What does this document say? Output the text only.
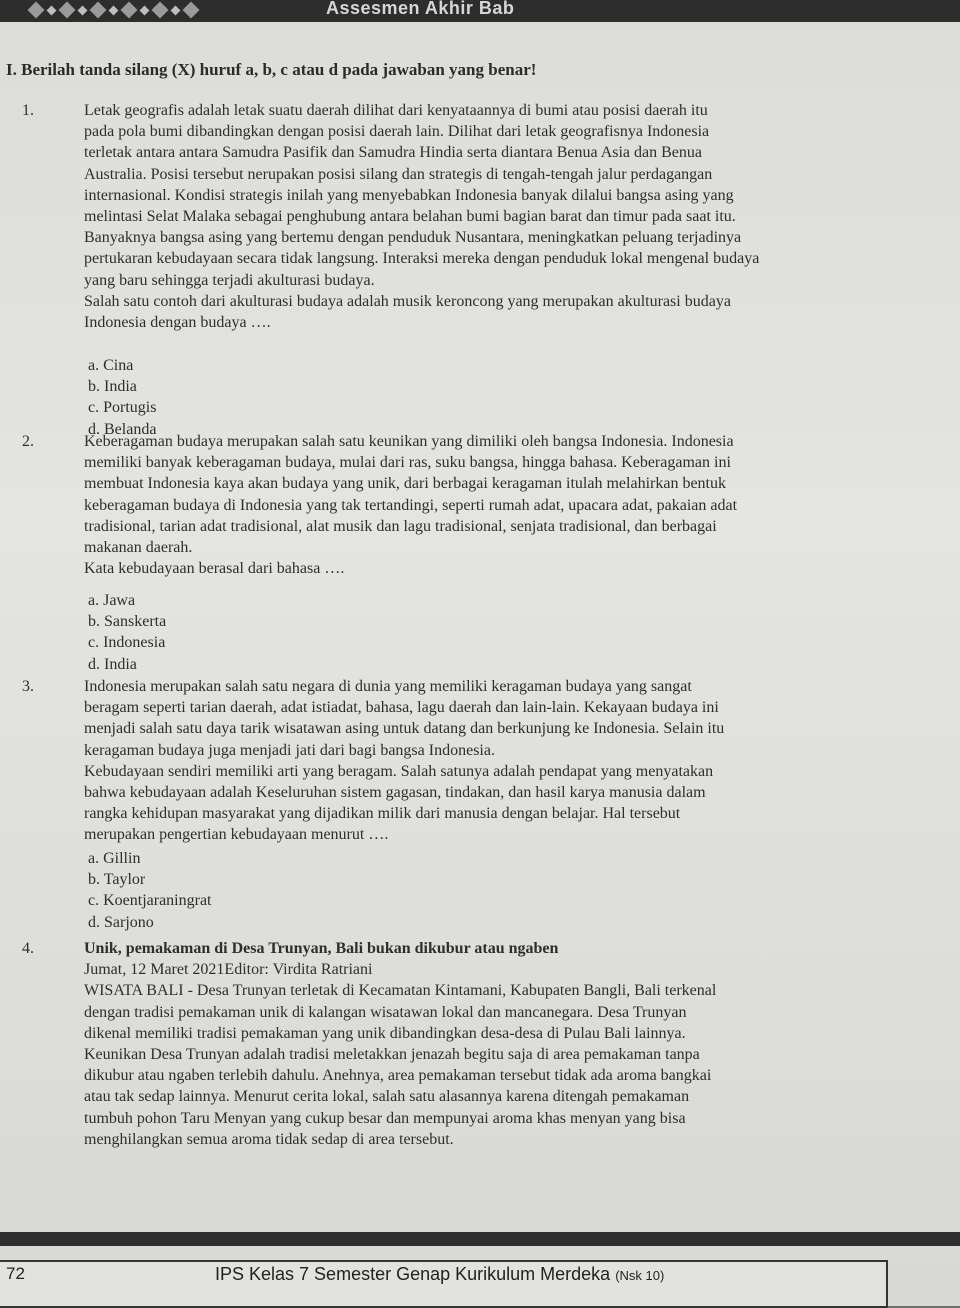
Assesmen Akhir Bab
I. Berilah tanda silang (X) huruf a, b, c atau d pada jawaban yang benar!
1.	Letak geografis adalah letak suatu daerah dilihat dari kenyataannya di bumi atau posisi daerah itu

pada pola bumi dibandingkan dengan posisi daerah lain. Dilihat dari letak geografisnya Indonesia

terletak antara antara Samudra Pasifik dan Samudra Hindia serta diantara Benua Asia dan Benua

Australia. Posisi tersebut nerupakan posisi silang dan strategis di tengah-tengah jalur perdagangan

internasional. Kondisi strategis inilah yang menyebabkan Indonesia banyak dilalui bangsa asing yang

melintasi Selat Malaka sebagai penghubung antara belahan bumi bagian barat dan timur pada saat itu.

Banyaknya bangsa asing yang bertemu dengan penduduk Nusantara, meningkatkan peluang terjadinya

pertukaran kebudayaan secara tidak langsung. Interaksi mereka dengan penduduk lokal mengenal budaya

yang baru sehingga terjadi akulturasi budaya.

Salah satu contoh dari akulturasi budaya adalah musik keroncong yang merupakan akulturasi budaya

Indonesia dengan budaya ….

a. Cina
b. India
c. Portugis
d. Belanda
2.	Keberagaman budaya merupakan salah satu keunikan yang dimiliki oleh bangsa Indonesia. Indonesia

memiliki banyak keberagaman budaya, mulai dari ras, suku bangsa, hingga bahasa. Keberagaman ini

membuat Indonesia kaya akan budaya yang unik, dari berbagai keragaman itulah melahirkan bentuk

keberagaman budaya di Indonesia yang tak tertandingi, seperti rumah adat, upacara adat, pakaian adat

tradisional, tarian adat tradisional, alat musik dan lagu tradisional, senjata tradisional, dan berbagai

makanan daerah.

Kata kebudayaan berasal dari bahasa ….

a. Jawa
b. Sanskerta
c. Indonesia
d. India
3.	Indonesia merupakan salah satu negara di dunia yang memiliki keragaman budaya yang sangat

beragam seperti tarian daerah, adat istiadat, bahasa, lagu daerah dan lain-lain. Kekayaan budaya ini

menjadi salah satu daya tarik wisatawan asing untuk datang dan berkunjung ke Indonesia. Selain itu

keragaman budaya juga menjadi jati dari bagi bangsa Indonesia.

Kebudayaan sendiri memiliki arti yang beragam. Salah satunya adalah pendapat yang menyatakan

bahwa kebudayaan adalah Keseluruhan sistem gagasan, tindakan, dan hasil karya manusia dalam

rangka kehidupan masyarakat yang dijadikan milik dari manusia dengan belajar. Hal tersebut

merupakan pengertian kebudayaan menurut ….

a. Gillin
b. Taylor
c. Koentjaraningrat
d. Sarjono
4.	Unik, pemakaman di Desa Trunyan, Bali bukan dikubur atau ngaben

Jumat, 12 Maret 2021Editor: Virdita Ratriani

WISATA BALI - Desa Trunyan terletak di Kecamatan Kintamani, Kabupaten Bangli, Bali terkenal

dengan tradisi pemakaman unik di kalangan wisatawan lokal dan mancanegara. Desa Trunyan

dikenal memiliki tradisi pemakaman yang unik dibandingkan desa-desa di Pulau Bali lainnya.

Keunikan Desa Trunyan adalah tradisi meletakkan jenazah begitu saja di area pemakaman tanpa

dikubur atau ngaben terlebih dahulu. Anehnya, area pemakaman tersebut tidak ada aroma bangkai

atau tak sedap lainnya. Menurut cerita lokal, salah satu alasannya karena ditengah pemakaman

tumbuh pohon Taru Menyan yang cukup besar dan mempunyai aroma khas menyan yang bisa

menghilangkan semua aroma tidak sedap di area tersebut.

72	IPS Kelas 7 Semester Genap Kurikulum Merdeka (Nsk 10)
